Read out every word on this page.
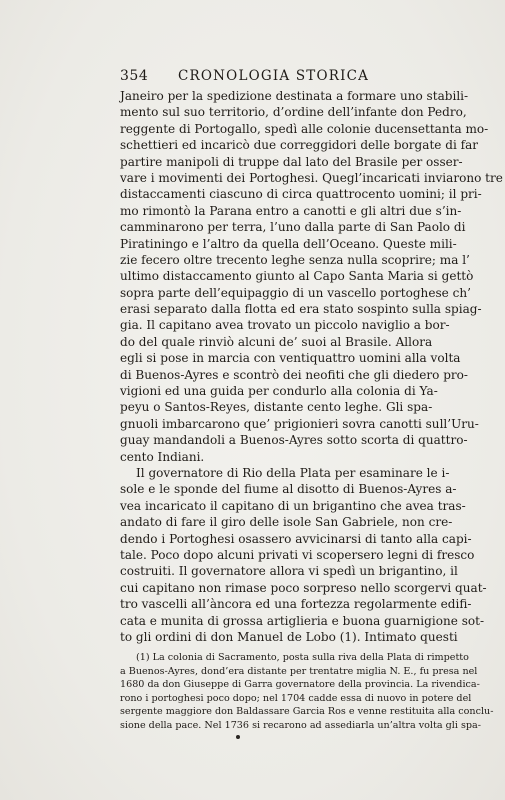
354 CRONOLOGIA STORICA
Janeiro per la spedizione destinata a formare uno stabili-
mento sul suo territorio, d’ordine dell’infante don Pedro,
reggente di Portogallo, spedì alle colonie ducensettanta mo-
schettieri ed incaricò due correggidori delle borgate di far
partire manipoli di truppe dal lato del Brasile per osser-
vare i movimenti dei Portoghesi. Quegl’incaricati inviarono tre
distaccamenti ciascuno di circa quattrocento uomini; il pri-
mo rimontò la Parana entro a canotti e gli altri due s’in-
camminarono per terra, l’uno dalla parte di San Paolo di
Piratiningo e l’altro da quella dell’Oceano. Queste mili-
zie fecero oltre trecento leghe senza nulla scoprire; ma l’
ultimo distaccamento giunto al Capo Santa Maria si gettò
sopra parte dell’equipaggio di un vascello portoghese ch’
erasi separato dalla flotta ed era stato sospinto sulla spiag-
gia. Il capitano avea trovato un piccolo naviglio a bor-
do del quale rinviò alcuni de’ suoi al Brasile. Allora
egli si pose in marcia con ventiquattro uomini alla volta
di Buenos-Ayres e scontrò dei neofiti che gli diedero pro-
vigioni ed una guida per condurlo alla colonia di Ya-
peyu o Santos-Reyes, distante cento leghe. Gli spa-
gnuoli imbarcarono que’ prigionieri sovra canotti sull’Uru-
guay mandandoli a Buenos-Ayres sotto scorta di quattro-
cento Indiani.
Il governatore di Rio della Plata per esaminare le i-
sole e le sponde del fiume al disotto di Buenos-Ayres a-
vea incaricato il capitano di un brigantino che avea tras-
andato di fare il giro delle isole San Gabriele, non cre-
dendo i Portoghesi osassero avvicinarsi di tanto alla capi-
tale. Poco dopo alcuni privati vi scopersero legni di fresco
costruiti. Il governatore allora vi spedì un brigantino, il
cui capitano non rimase poco sorpreso nello scorgervi quat-
tro vascelli all’àncora ed una fortezza regolarmente edifi-
cata e munita di grossa artiglieria e buona guarnigione sot-
to gli ordini di don Manuel de Lobo (1). Intimato questi
(1) La colonia di Sacramento, posta sulla riva della Plata di rimpetto
a Buenos-Ayres, dond’era distante per trentatre miglia N. E., fu presa nel
1680 da don Giuseppe di Garra governatore della provincia. La rivendica-
rono i portoghesi poco dopo; nel 1704 cadde essa di nuovo in potere del
sergente maggiore don Baldassare Garcia Ros e venne restituita alla conclu-
sione della pace. Nel 1736 si recarono ad assediarla un’altra volta gli spa-
